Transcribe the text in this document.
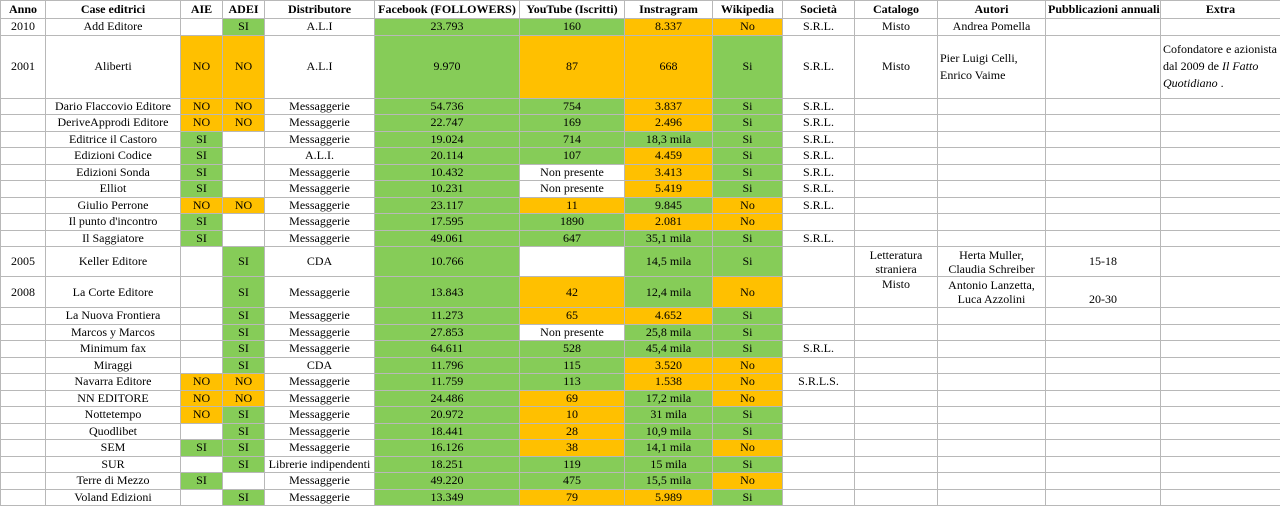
Anno	Case editrici	AIE	ADEI	Distributore	Facebook (FOLLOWERS)	YouTube (Iscritti)	Instragram	Wikipedia	Società	Catalogo	Autori	Pubblicazioni annuali	Extra
2010	Add Editore		SI	A.L.I	23.793	160	8.337	No	S.R.L.	Misto	Andrea Pomella		
2001	Aliberti	NO	NO	A.L.I	9.970	87	668	Si	S.R.L.	Misto	Pier Luigi Celli, Enrico Vaime		Cofondatore e azionista dal 2009 de Il Fatto Quotidiano .
	Dario Flaccovio Editore	NO	NO	Messaggerie	54.736	754	3.837	Si	S.R.L.				
	DeriveApprodi Editore	NO	NO	Messaggerie	22.747	169	2.496	Si	S.R.L.				
	Editrice il Castoro	SI		Messaggerie	19.024	714	18,3 mila	Si	S.R.L.				
	Edizioni Codice	SI		A.L.I.	20.114	107	4.459	Si	S.R.L.				
	Edizioni Sonda	SI		Messaggerie	10.432	Non presente	3.413	Si	S.R.L.				
	Elliot	SI		Messaggerie	10.231	Non presente	5.419	Si	S.R.L.				
	Giulio Perrone	NO	NO	Messaggerie	23.117	11	9.845	No	S.R.L.				
	Il punto d'incontro	SI		Messaggerie	17.595	1890	2.081	No					
	Il Saggiatore	SI		Messaggerie	49.061	647	35,1 mila	Si	S.R.L.				
2005	Keller Editore		SI	CDA	10.766		14,5 mila	Si		Letteratura straniera	Herta Muller, Claudia Schreiber	15-18	
2008	La Corte Editore		SI	Messaggerie	13.843	42	12,4 mila	No		Misto	Antonio Lanzetta, Luca Azzolini	20-30	
	La Nuova Frontiera		SI	Messaggerie	11.273	65	4.652	Si					
	Marcos y Marcos		SI	Messaggerie	27.853	Non presente	25,8 mila	Si					
	Minimum fax		SI	Messaggerie	64.611	528	45,4 mila	Si	S.R.L.				
	Miraggi		SI	CDA	11.796	115	3.520	No					
	Navarra Editore	NO	NO	Messaggerie	11.759	113	1.538	No	S.R.L.S.				
	NN EDITORE	NO	NO	Messaggerie	24.486	69	17,2 mila	No					
	Nottetempo	NO	SI	Messaggerie	20.972	10	31 mila	Si					
	Quodlibet		SI	Messaggerie	18.441	28	10,9 mila	Si					
	SEM	SI	SI	Messaggerie	16.126	38	14,1 mila	No					
	SUR		SI	Librerie indipendenti	18.251	119	15 mila	Si					
	Terre di Mezzo	SI		Messaggerie	49.220	475	15,5 mila	No					
	Voland Edizioni		SI	Messaggerie	13.349	79	5.989	Si					
